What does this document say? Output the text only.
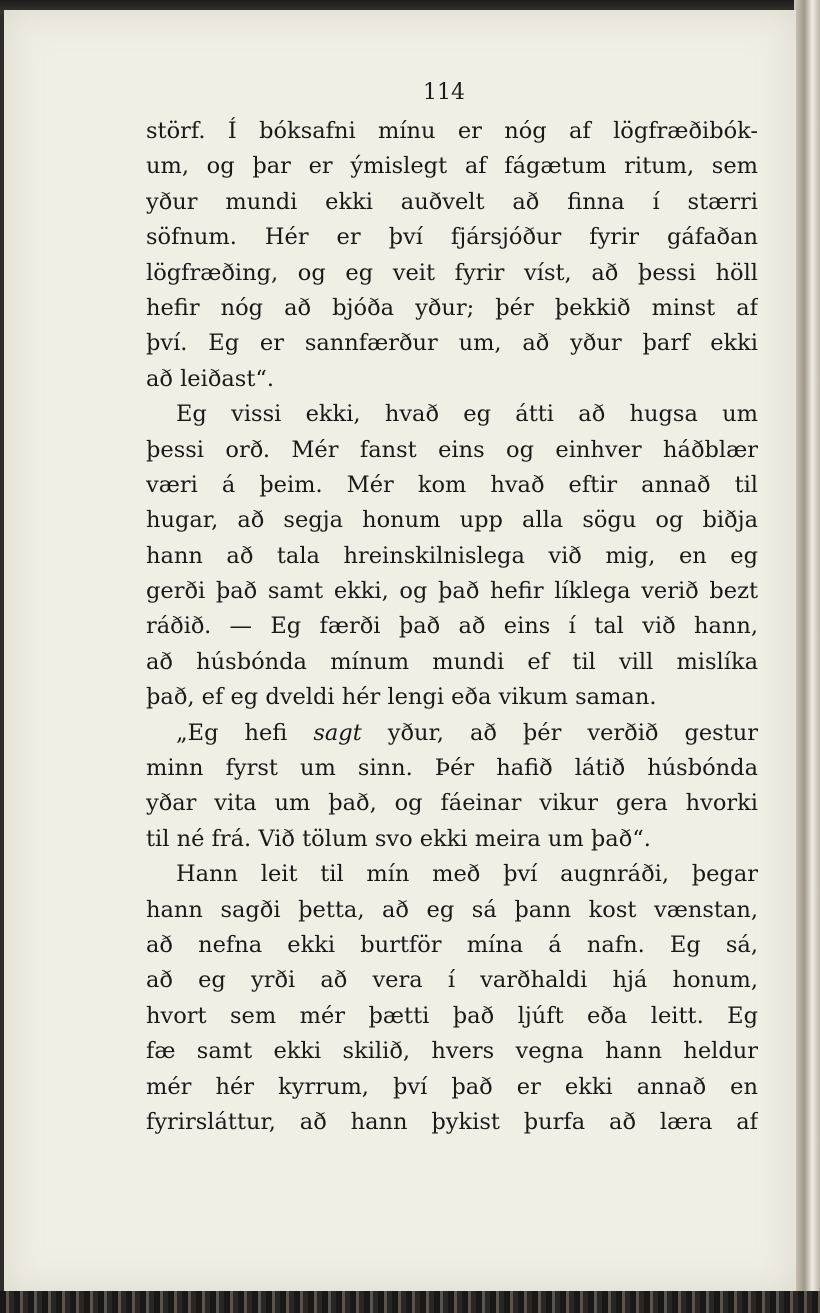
114
störf. Í bóksafni mínu er nóg af lögfræðibók-
um, og þar er ýmislegt af fágætum ritum, sem
yður mundi ekki auðvelt að finna í stærri
söfnum. Hér er því fjársjóður fyrir gáfaðan
lögfræðing, og eg veit fyrir víst, að þessi höll
hefir nóg að bjóða yður; þér þekkið minst af
því. Eg er sannfærður um, að yður þarf ekki
að leiðast“.
Eg vissi ekki, hvað eg átti að hugsa um
þessi orð. Mér fanst eins og einhver háðblær
væri á þeim. Mér kom hvað eftir annað til
hugar, að segja honum upp alla sögu og biðja
hann að tala hreinskilnislega við mig, en eg
gerði það samt ekki, og það hefir líklega verið bezt
ráðið. — Eg færði það að eins í tal við hann,
að húsbónda mínum mundi ef til vill mislíka
það, ef eg dveldi hér lengi eða vikum saman.
„Eg hefi sagt yður, að þér verðið gestur
minn fyrst um sinn. Þér hafið látið húsbónda
yðar vita um það, og fáeinar vikur gera hvorki
til né frá. Við tölum svo ekki meira um það“.
Hann leit til mín með því augnráði, þegar
hann sagði þetta, að eg sá þann kost vænstan,
að nefna ekki burtför mína á nafn. Eg sá,
að eg yrði að vera í varðhaldi hjá honum,
hvort sem mér þætti það ljúft eða leitt. Eg
fæ samt ekki skilið, hvers vegna hann heldur
mér hér kyrrum, því það er ekki annað en
fyrirsláttur, að hann þykist þurfa að læra af
